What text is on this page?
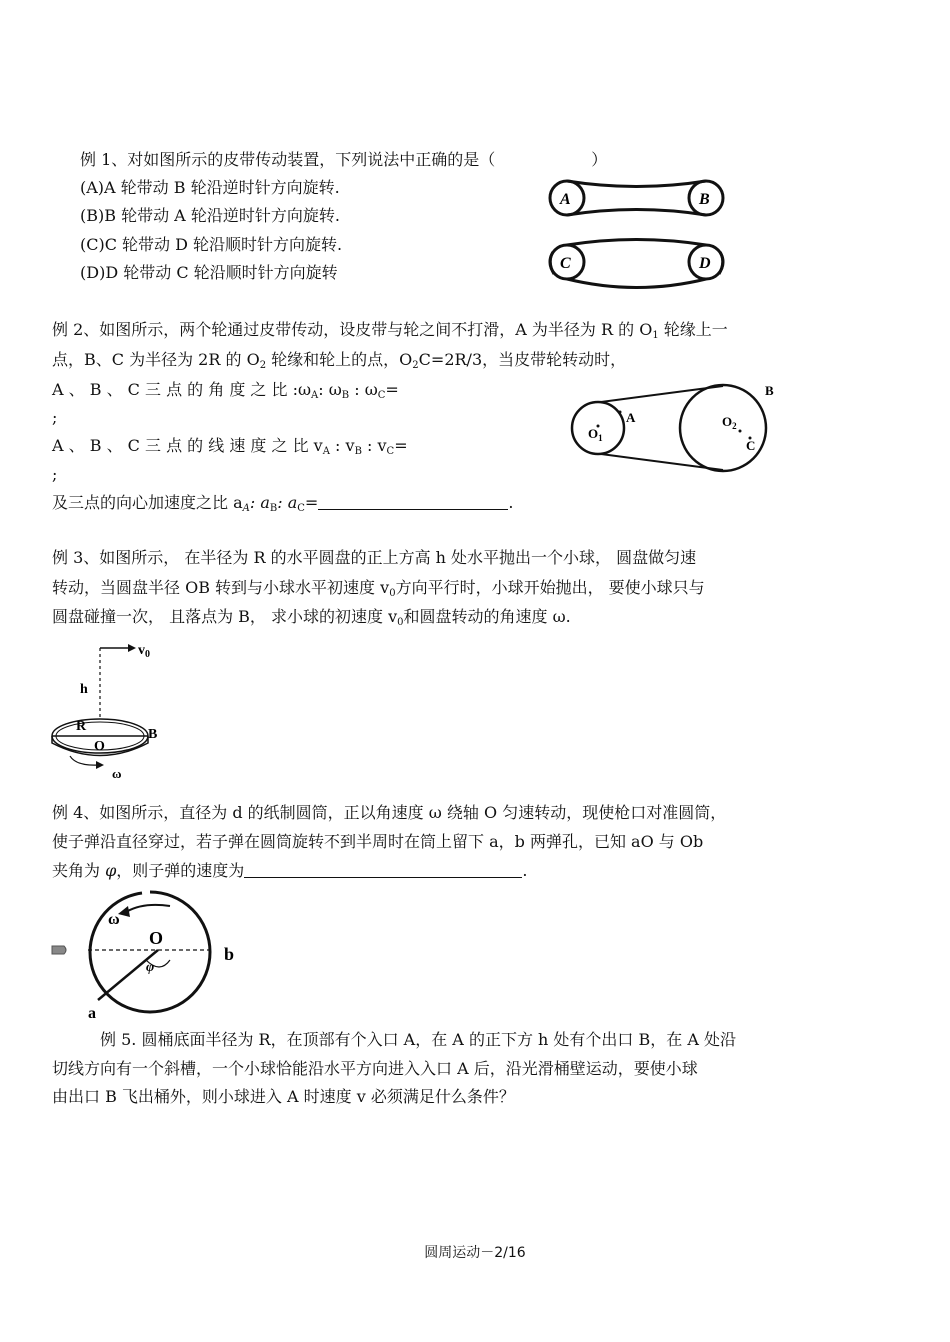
例 1、对如图所示的皮带传动装置，下列说法中正确的是（　　　　　　）
(A)A 轮带动 B 轮沿逆时针方向旋转.
(B)B 轮带动 A 轮沿逆时针方向旋转.
(C)C 轮带动 D 轮沿顺时针方向旋转.
(D)D 轮带动 C 轮沿顺时针方向旋转
A	B
C	D
例 2、如图所示，两个轮通过皮带传动，设皮带与轮之间不打滑，A 为半径为 R 的 $O_1$ 轮缘上一
点，B、C 为半径为 2R 的 $O_2$ 轮缘和轮上的点，$O_2C=2R/3$，当皮带轮转动时，
A 、 B 、 C 三 点 的 角 度 之 比 $:\omega_A$: $\omega_B$ : $\omega_C=$
;
A 、 B 、 C 三 点 的 线 速 度 之 比 $v_A$ : $v_B$ : $v_C=$
;
及三点的向心加速度之比 $a_A$: $a_B$: $a_C=$	.
$O_1$
A	$O_2$
B
C
例 3、如图所示， 在半径为 R 的水平圆盘的正上方高 h 处水平抛出一个小球， 圆盘做匀速
转动，当圆盘半径 OB 转到与小球水平初速度 $v_0$方向平行时，小球开始抛出， 要使小球只与
圆盘碰撞一次， 且落点为 B， 求小球的初速度 $v_0$和圆盘转动的角速度 ω.
$v_0$
h
R
O
B
ω
例 4、如图所示，直径为 d 的纸制圆筒，正以角速度 ω 绕轴 O 匀速转动，现使枪口对准圆筒，
使子弹沿直径穿过，若子弹在圆筒旋转不到半周时在筒上留下 a，b 两弹孔，已知 aO 与 Ob
夹角为 φ，则子弹的速度为	.
ω
O
φ
a
b
例 5. 圆桶底面半径为 R，在顶部有个入口 A，在 A 的正下方 h 处有个出口 B，在 A 处沿
切线方向有一个斜槽，一个小球恰能沿水平方向进入入口 A 后，沿光滑桶壁运动，要使小球
由出口 B 飞出桶外，则小球进入 A 时速度 v 必须满足什么条件？
圆周运动－2/16
